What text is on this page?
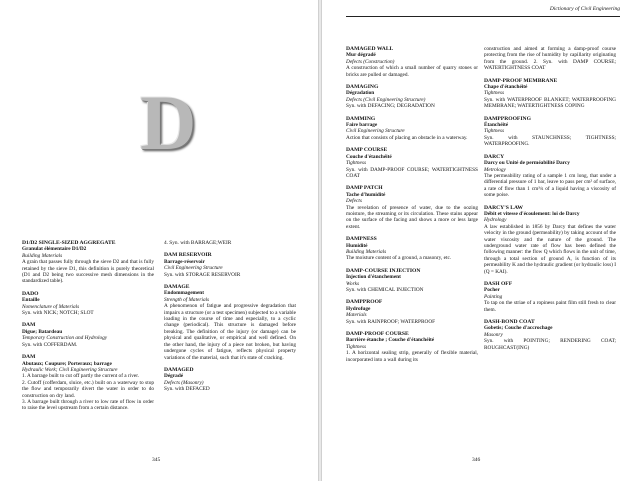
D
D1/D2 SINGLE-SIZED AGGREGATE
Granulat élémentaire D1/D2
Building Materials
A grain that passes fully through the sieve D2 and that is fully retained by the sieve D1, this definition is purely theoretical (D1 and D2 being two successive mesh dimensions in the standardized table).
DADO
Entaille
Nomenclature of Materials
Syn. with NICK; NOTCH; SLOT
DAM
Digue; Batardeau
Temporary Construction and Hydrology
Syn. with COFFERDAM.
DAM
Abutaux; Coupure; Porteraux; barrage
Hydraulic Work; Civil Engineering Structure
1. A barrage built to cut off partly the current of a river.
2. Cutoff (cofferdam, sluice, etc.) built on a waterway to stop the flow and temporarily divert the water in order to do construction on dry land.
3. A barrage built through a river to low rate of flow in order to raise the level upstream from a certain distance.
4. Syn. with BARRAGE;WEIR
DAM RESERVOIR
Barrage-réservoir
Civil Engineering Structure
Syn. with STORAGE RESERVOIR
DAMAGE
Endommagement
Strength of Materials
A phenomenon of fatigue and progressive degradation that impairs a structure (or a test specimen) subjected to a variable loading in the course of time and especially, to a cyclic change (periodical). This structure is damaged before breaking. The definition of the injury (or damage) can be physical and qualitative, or empirical and well defined. On the other hand, the injury of a piece not broken, but having undergone cycles of fatigue, reflects physical property variations of the material, such that it's state of cracking.
DAMAGED
Dégradé
Defects (Masonry)
Syn. with DEFACED
345
Dictionary of Civil Engineering
DAMAGED WALL
Mur dégradé
Defects (Construction)
A construction of which a small number of quarry stones or bricks are pulled or damaged.
DAMAGING
Dégradation
Defects (Civil Engineering Structure)
Syn. with DEFACING; DEGRADATION
DAMMING
Faire barrage
Civil Engineering Structure
Action that consists of placing an obstacle in a waterway.
DAMP COURSE
Couche d'étanchéité
Tightness
Syn. with DAMP-PROOF COURSE; WATERTIGHTNESS COAT
DAMP PATCH
Tache d'humidité
Defects
The revelation of presence of water, due to the oozing moisture, the streaming or its circulation. These stains appear on the surface of the facing and shows a more or less large extent.
DAMPNESS
Humidité
Building Materials
The moisture content of a ground, a masonry, etc.
DAMP-COURSE INJECTION
Injection d'étanchement
Works
Syn. with CHEMICAL INJECTION
DAMPPROOF
Hydrofuge
Materials
Syn. with RAINPROOF; WATERPROOF
DAMP-PROOF COURSE
Barrière étanche ; Couche d'étanchéité
Tightness
1. A horizontal sealing strip, generally of flexible material, incorporated into a wall during its
construction and aimed at forming a damp-proof course protecting from the rise of humidity by capillarity originating from the ground. 2. Syn. with DAMP COURSE; WATERTIGHTNESS COAT
DAMP-PROOF MEMBRANE
Chape d'étanchéité
Tightness
Syn. with WATERPROOF BLANKET; WATERPROOFING MEMBRANE; WATERTIGHTNESS COPING
DAMPPROOFING
Étanchéité
Tightness
Syn. with STAUNCHNESS; TIGHTNESS; WATERPROOFING.
DARCY
Darcy ou Unité de perméabilité Darcy
Metrology
The permeability rating of a sample 1 cm long, that under a differential pressure of 1 bar, leave to pass per cm² of surface, a rate of flow than 1 cm³/s of a liquid having a viscosity of some poise.
DARCY'S LAW
Débit et vitesse d'écoulement: loi de Darcy
Hydrology
A law established in 1856 by Darcy that defines the water velocity in the ground (permeability) by taking account of the water viscosity and the nature of the ground. The underground water rate of flow has been defined the following manner: the flow Q which flows in the unit of time, through a total section of ground A, is function of its permeability K and the hydraulic gradient (or hydraulic loss) I (Q = KAI).
DASH OFF
Pocher
Painting
To tap on the striae of a ropiness paint film still fresh to clear them.
DASH-BOND COAT
Gobetis; Couche d'accrochage
Masonry
Syn. with POINTING; RENDERING COAT; ROUGHCAST(ING)
346
